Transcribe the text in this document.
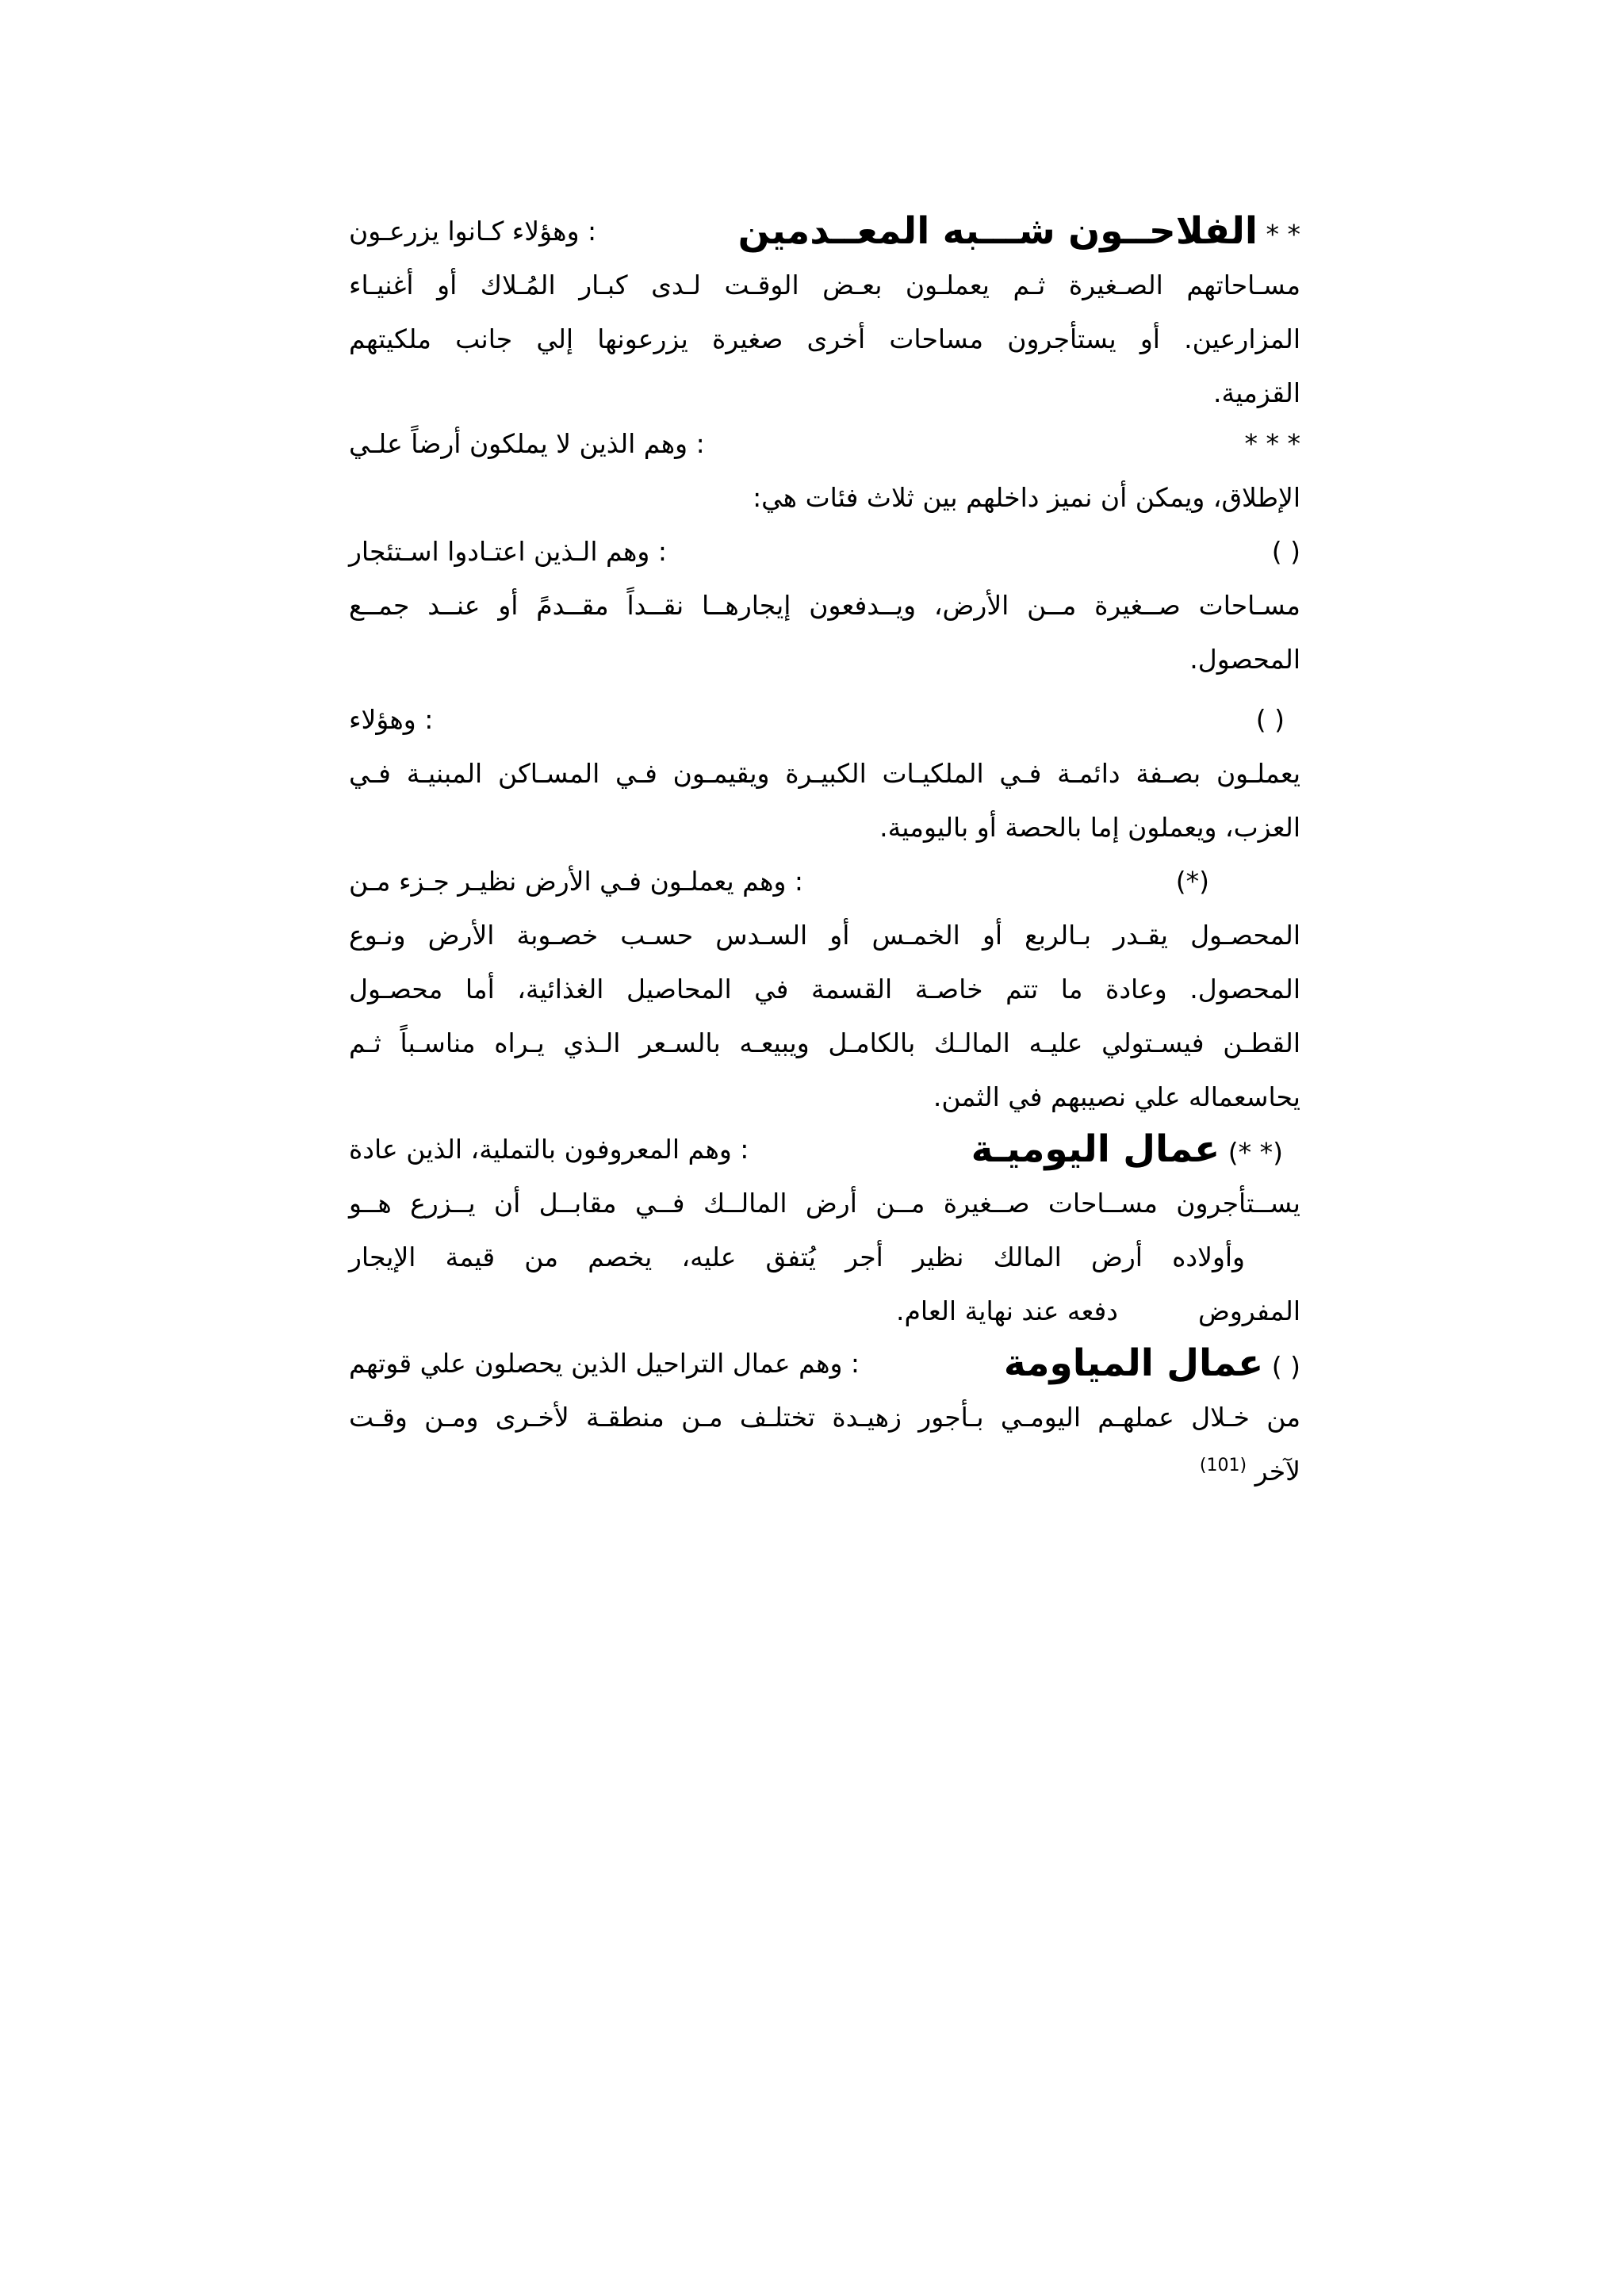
* * الفلاحــون شـــبه المعــدمين
: وهؤلاء كـانوا يزرعـون
مسـاحاتهم الصـغيرة ثـم يعملـون بعـض الوقـت لـدى كبـار المُـلاك أو أغنيـاء
المزارعين. أو يستأجرون مساحات أخرى صغيرة يزرعونها إلي جانب ملكيتهم
القزمية.
* * *
: وهم الذين لا يملكون أرضاً علـي
الإطلاق، ويمكن أن نميز داخلهم بين ثلاث فئات هي:
( )
: وهم الـذين اعتـادوا اسـتئجار
مسـاحات صــغيرة مــن الأرض، ويــدفعون إيجارهــا نقــداً مقــدمً أو عنــد جمــع
المحصول.
( )
: وهؤلاء
يعملـون بصـفة دائمـة فـي الملكيـات الكبيـرة ويقيمـون فـي المسـاكن المبنيـة فـي
العزب، ويعملون إما بالحصة أو باليومية.
(*)
: وهم يعملـون فـي الأرض نظيـر جـزء مـن
المحصـول يقـدر بـالربع أو الخمـس أو السـدس حسـب خصـوبة الأرض ونـوع
المحصول. وعادة ما تتم خاصـة القسمة في المحاصيل الغذائية، أما محصـول
القطـن فيسـتولي عليـه المالـك بالكامـل ويبيعـه بالسـعر الـذي يـراه مناسـباً ثـم
يحاسعماله علي نصيبهم في الثمن.
(* *) عمال اليوميـة
: وهم المعروفون بالتملية، الذين عادة
يســتأجرون مســاحات صــغيرة مــن أرض المالــك فــي مقابــل أن يــزرع هــو
وأولاده أرض المالك نظير أجر يُتفق عليه، يخصم من قيمة الإيجار
المفروض  دفعه عند نهاية العام.
( ) عمال المياومة
: وهم عمال التراحيل الذين يحصلون علي قوتهم
من خـلال عملهـم اليومـي بـأجور زهيـدة تختلـف مـن منطقـة لأخـرى ومـن وقـت
لآخر $^{(101)}$
